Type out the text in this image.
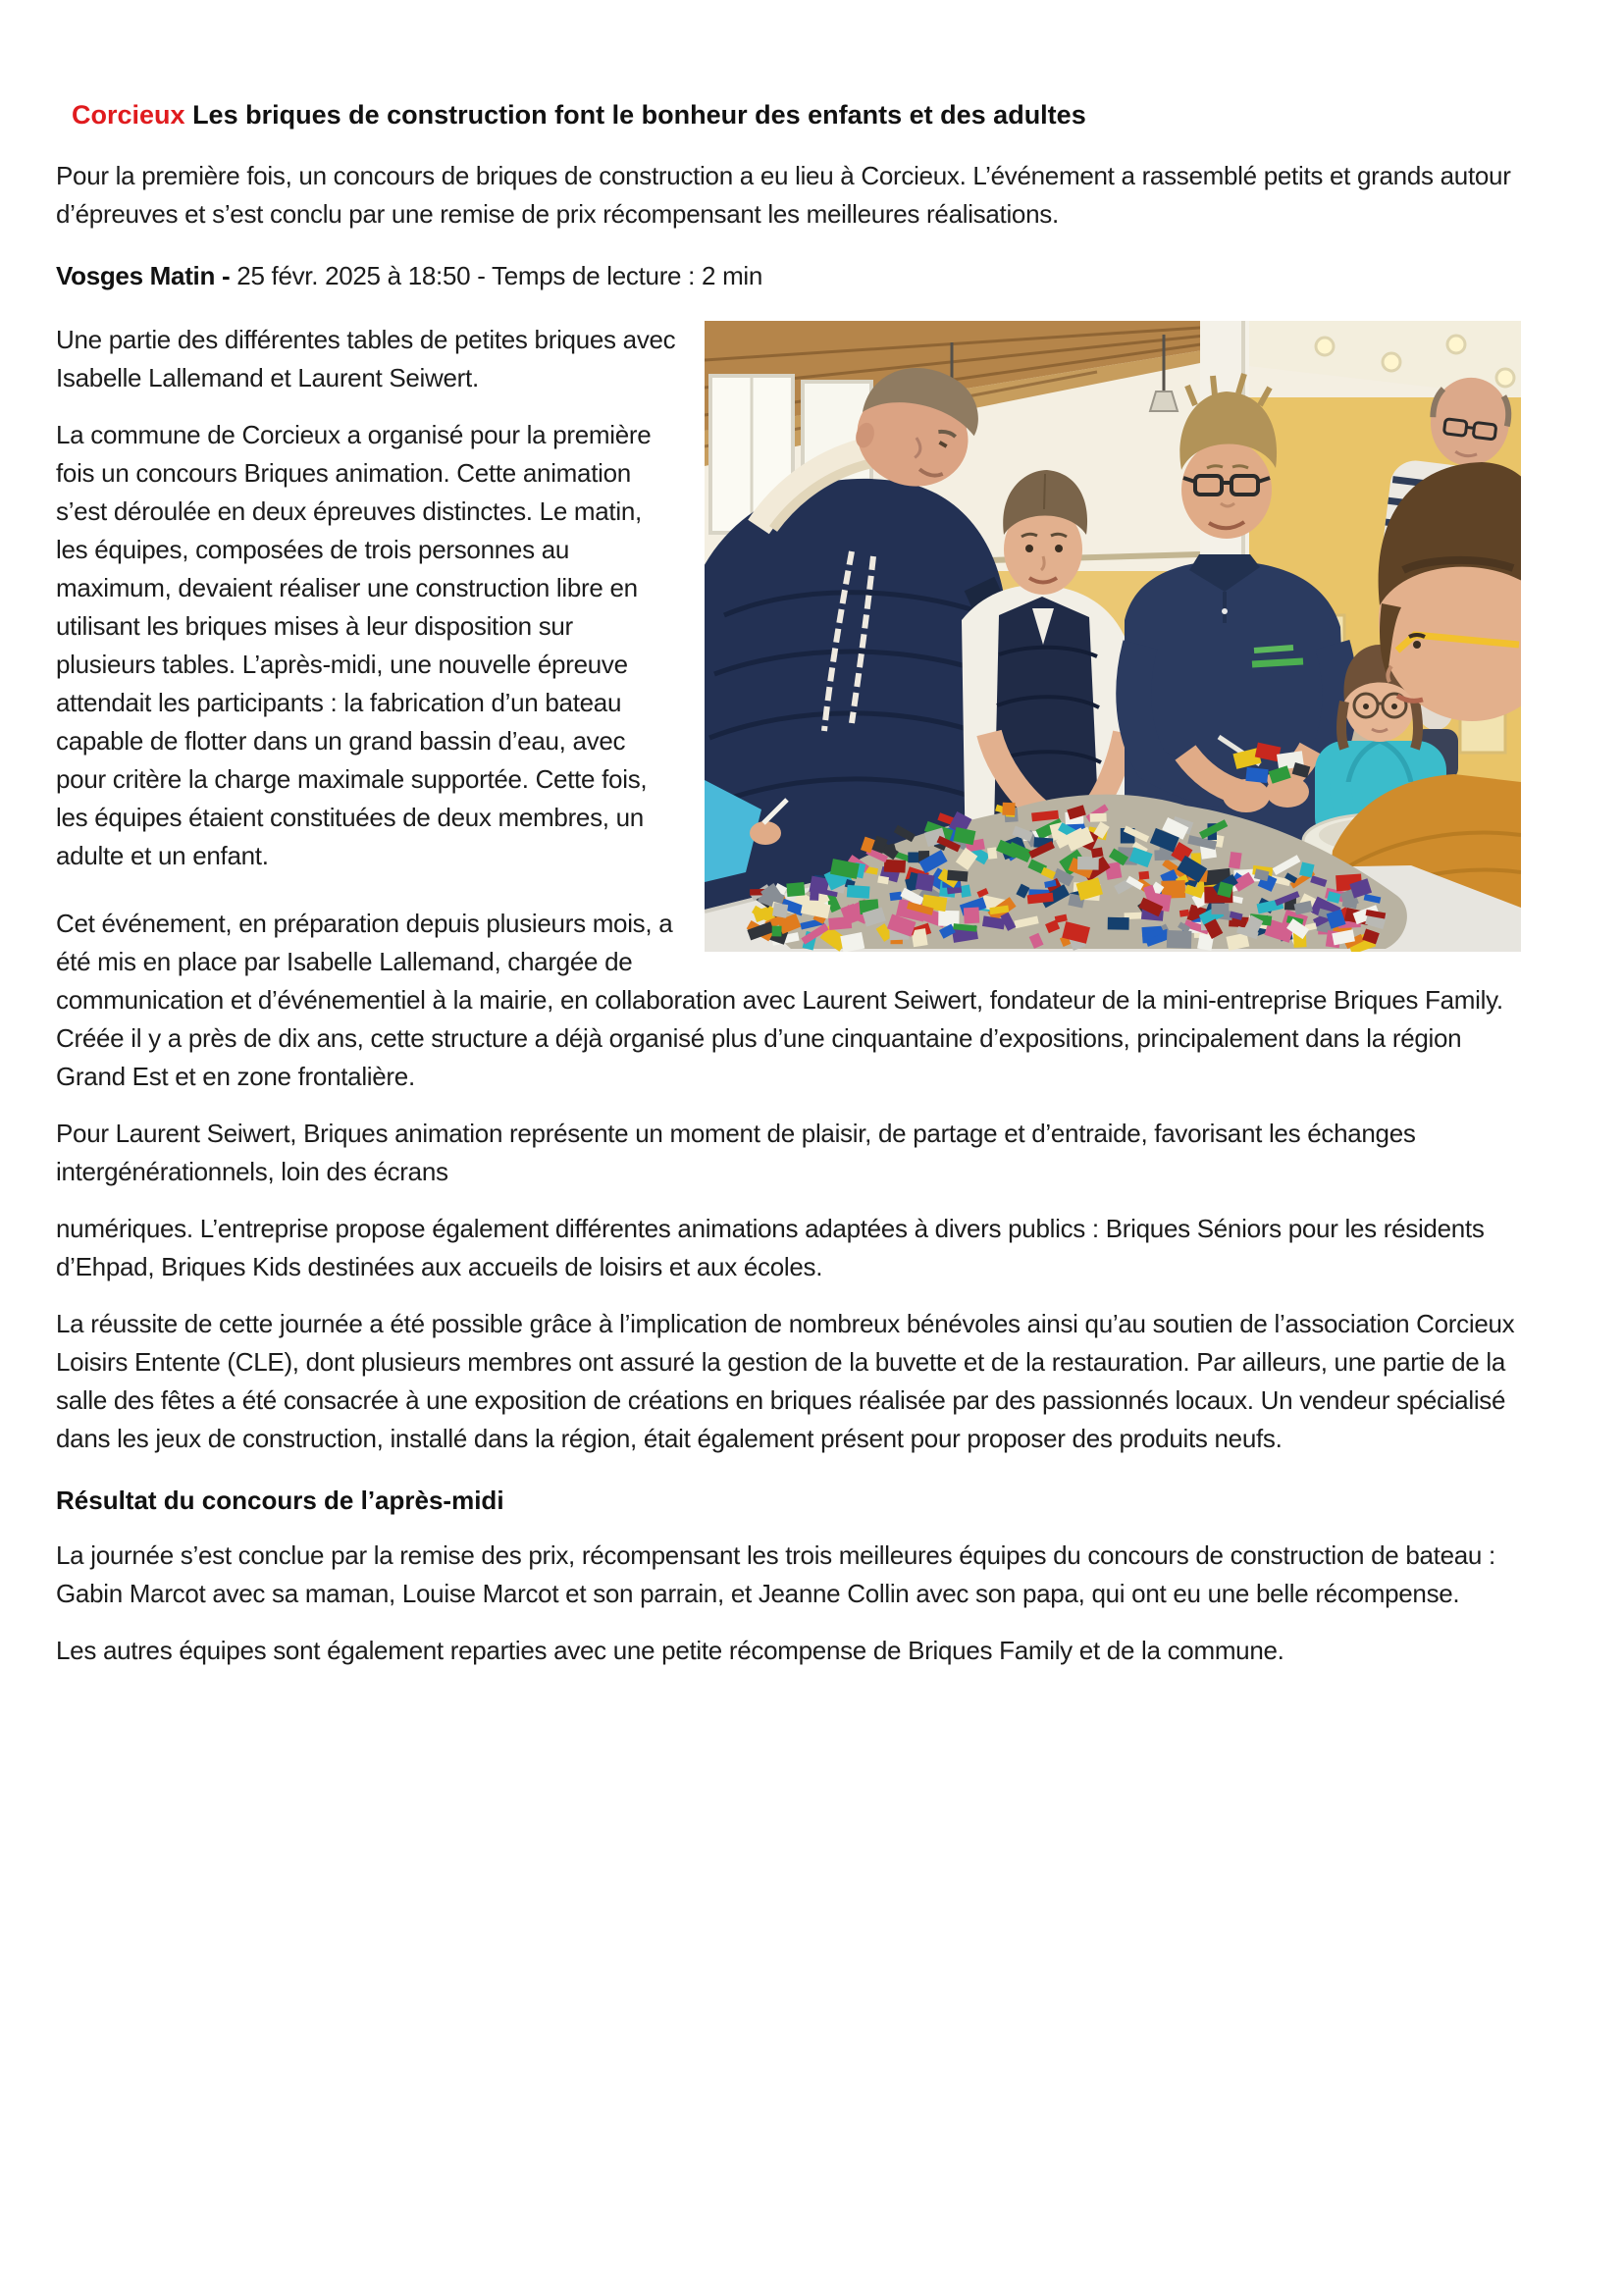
Corcieux Les briques de construction font le bonheur des enfants et des adultes

Pour la première fois, un concours de briques de construction a eu lieu à Corcieux. L’événement a rassemblé petits et grands autour d’épreuves et s’est conclu par une remise de prix récompensant les meilleures réalisations.

Vosges Matin - 25 févr. 2025 à 18:50 - Temps de lecture : 2 min

Une partie des différentes tables de petites briques avec Isabelle Lallemand et Laurent Seiwert.

La commune de Corcieux a organisé pour la première fois un concours Briques animation. Cette animation s’est déroulée en deux épreuves distinctes. Le matin, les équipes, composées de trois personnes au maximum, devaient réaliser une construction libre en utilisant les briques mises à leur disposition sur plusieurs tables. L’après-midi, une nouvelle épreuve attendait les participants : la fabrication d’un bateau capable de flotter dans un grand bassin d’eau, avec pour critère la charge maximale supportée. Cette fois, les équipes étaient constituées de deux membres, un adulte et un enfant.

Cet événement, en préparation depuis plusieurs mois, a été mis en place par Isabelle Lallemand, chargée de communication et d’événementiel à la mairie, en collaboration avec Laurent Seiwert, fondateur de la mini-entreprise Briques Family. Créée il y a près de dix ans, cette structure a déjà organisé plus d’une cinquantaine d’expositions, principalement dans la région Grand Est et en zone frontalière.

Pour Laurent Seiwert, Briques animation représente un moment de plaisir, de partage et d’entraide, favorisant les échanges intergénérationnels, loin des écrans

numériques. L’entreprise propose également différentes animations adaptées à divers publics : Briques Séniors pour les résidents d’Ehpad, Briques Kids destinées aux accueils de loisirs et aux écoles.

La réussite de cette journée a été possible grâce à l’implication de nombreux bénévoles ainsi qu’au soutien de l’association Corcieux Loisirs Entente (CLE), dont plusieurs membres ont assuré la gestion de la buvette et de la restauration. Par ailleurs, une partie de la salle des fêtes a été consacrée à une exposition de créations en briques réalisée par des passionnés locaux. Un vendeur spécialisé dans les jeux de construction, installé dans la région, était également présent pour proposer des produits neufs.

Résultat du concours de l’après-midi

La journée s’est conclue par la remise des prix, récompensant les trois meilleures équipes du concours de construction de bateau : Gabin Marcot avec sa maman, Louise Marcot et son parrain, et Jeanne Collin avec son papa, qui ont eu une belle récompense.

Les autres équipes sont également reparties avec une petite récompense de Briques Family et de la commune.
